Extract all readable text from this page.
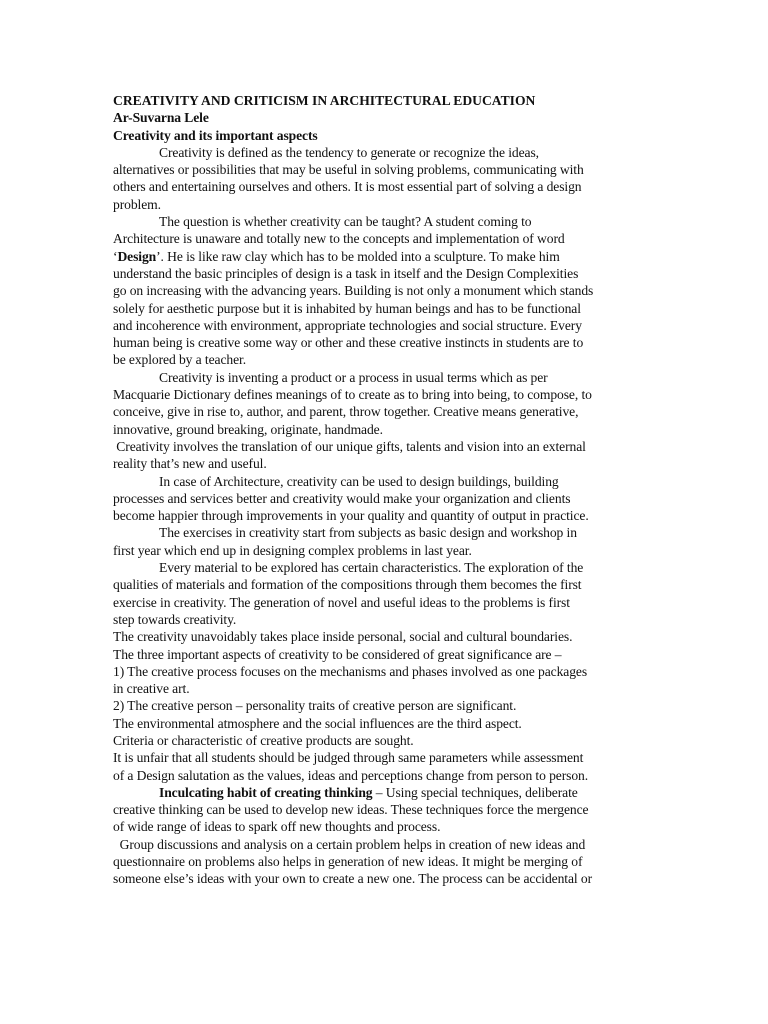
CREATIVITY AND CRITICISM IN ARCHITECTURAL EDUCATION
Ar-Suvarna Lele
Creativity and its important aspects
Creativity is defined as the tendency to generate or recognize the ideas,
alternatives or possibilities that may be useful in solving problems, communicating with
others and entertaining ourselves and others. It is most essential part of solving a design
problem.
The question is whether creativity can be taught? A student coming to
Architecture is unaware and totally new to the concepts and implementation of word
‘Design’. He is like raw clay which has to be molded into a sculpture. To make him
understand the basic principles of design is a task in itself and the Design Complexities
go on increasing with the advancing years. Building is not only a monument which stands
solely for aesthetic purpose but it is inhabited by human beings and has to be functional
and incoherence with environment, appropriate technologies and social structure. Every
human being is creative some way or other and these creative instincts in students are to
be explored by a teacher.
Creativity is inventing a product or a process in usual terms which as per
Macquarie Dictionary defines meanings of to create as to bring into being, to compose, to
conceive, give in rise to, author, and parent, throw together. Creative means generative,
innovative, ground breaking, originate, handmade.
Creativity involves the translation of our unique gifts, talents and vision into an external
reality that’s new and useful.
In case of Architecture, creativity can be used to design buildings, building
processes and services better and creativity would make your organization and clients
become happier through improvements in your quality and quantity of output in practice.
The exercises in creativity start from subjects as basic design and workshop in
first year which end up in designing complex problems in last year.
Every material to be explored has certain characteristics. The exploration of the
qualities of materials and formation of the compositions through them becomes the first
exercise in creativity. The generation of novel and useful ideas to the problems is first
step towards creativity.
The creativity unavoidably takes place inside personal, social and cultural boundaries.
The three important aspects of creativity to be considered of great significance are –
1) The creative process focuses on the mechanisms and phases involved as one packages
in creative art.
2) The creative person – personality traits of creative person are significant.
The environmental atmosphere and the social influences are the third aspect.
Criteria or characteristic of creative products are sought.
It is unfair that all students should be judged through same parameters while assessment
of a Design salutation as the values, ideas and perceptions change from person to person.
Inculcating habit of creating thinking – Using special techniques, deliberate
creative thinking can be used to develop new ideas. These techniques force the mergence
of wide range of ideas to spark off new thoughts and process.
Group discussions and analysis on a certain problem helps in creation of new ideas and
questionnaire on problems also helps in generation of new ideas. It might be merging of
someone else’s ideas with your own to create a new one. The process can be accidental or
